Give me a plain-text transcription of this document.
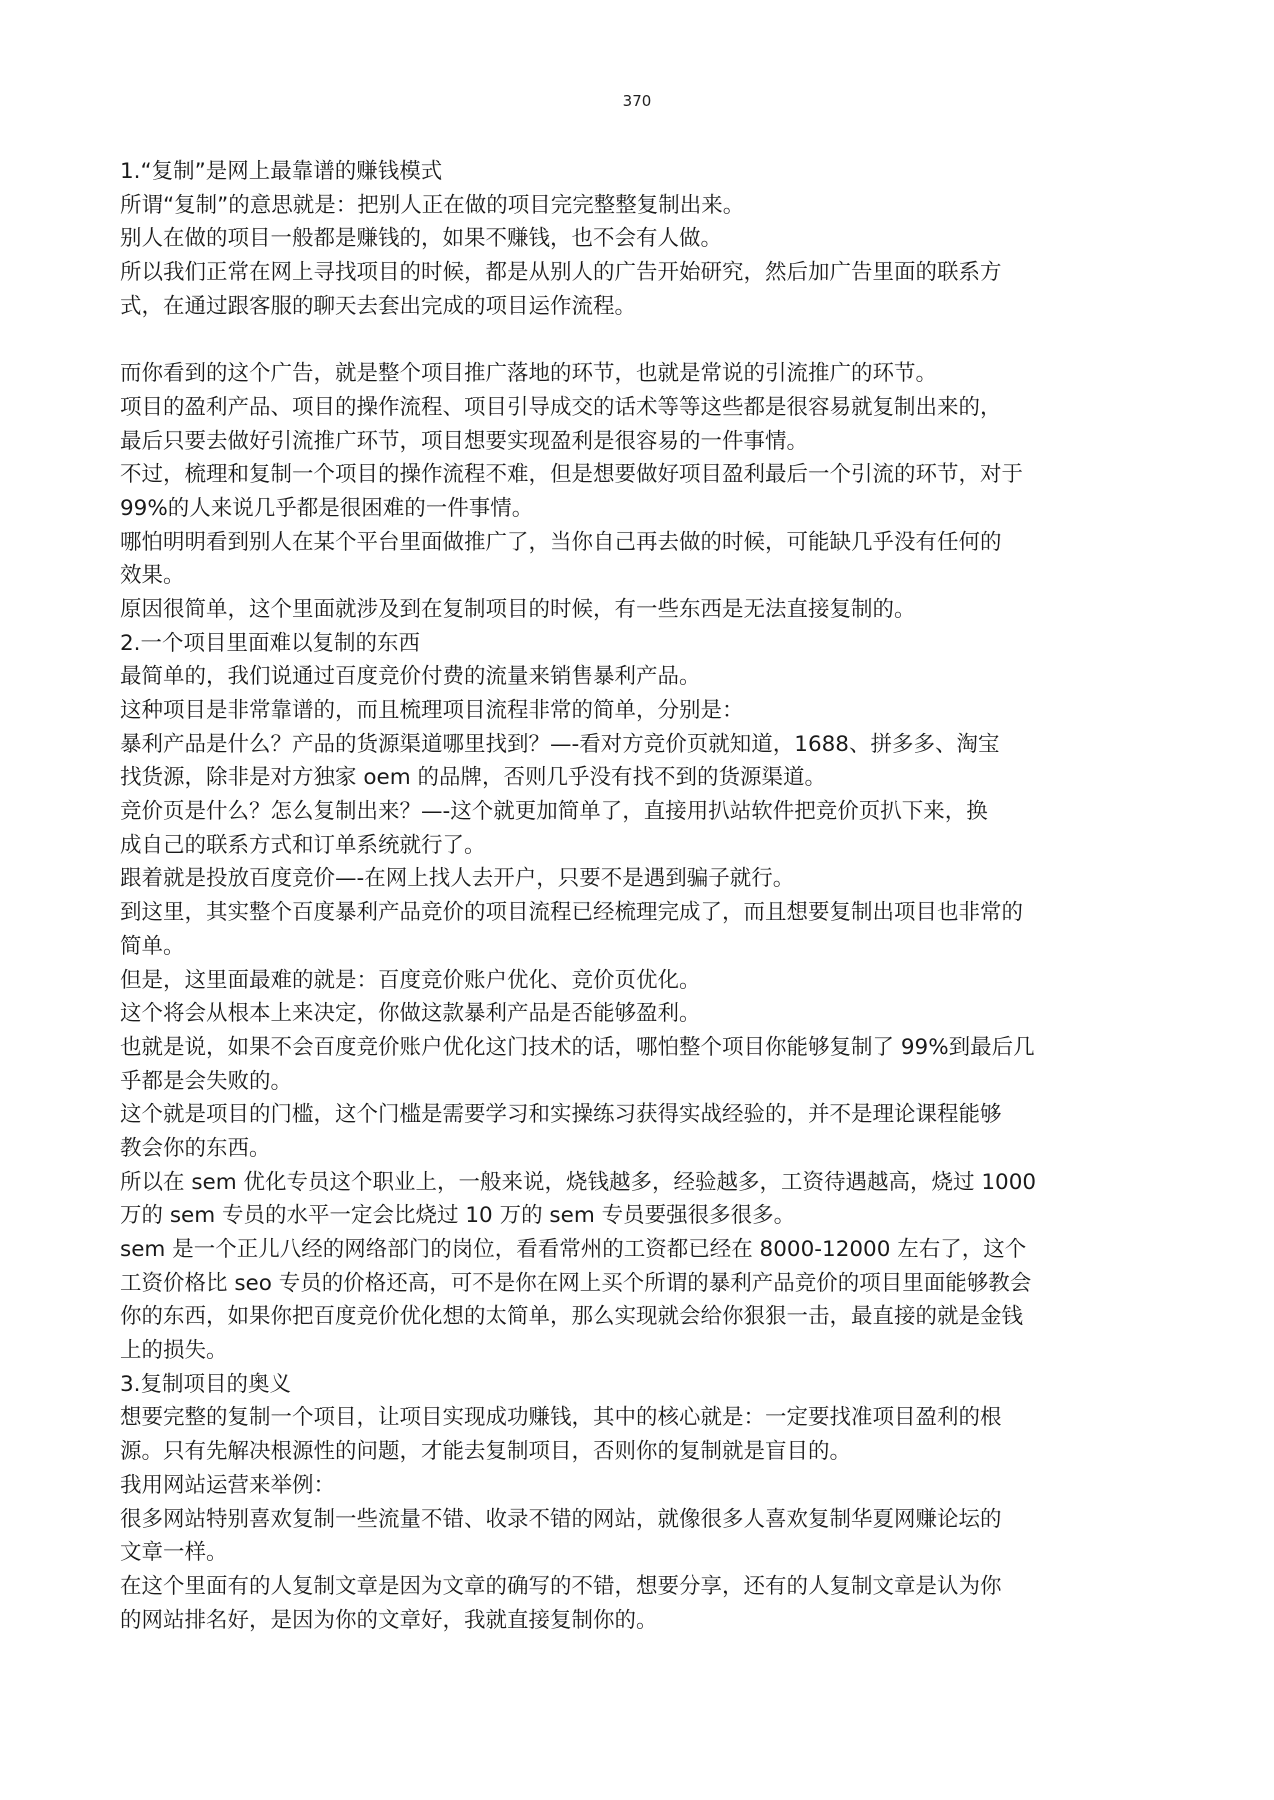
370
1.“复制”是网上最靠谱的赚钱模式
所谓“复制”的意思就是：把别人正在做的项目完完整整复制出来。
别人在做的项目一般都是赚钱的，如果不赚钱，也不会有人做。
所以我们正常在网上寻找项目的时候，都是从别人的广告开始研究，然后加广告里面的联系方
式，在通过跟客服的聊天去套出完成的项目运作流程。
而你看到的这个广告，就是整个项目推广落地的环节，也就是常说的引流推广的环节。
项目的盈利产品、项目的操作流程、项目引导成交的话术等等这些都是很容易就复制出来的，
最后只要去做好引流推广环节，项目想要实现盈利是很容易的一件事情。
不过，梳理和复制一个项目的操作流程不难，但是想要做好项目盈利最后一个引流的环节，对于
99%的人来说几乎都是很困难的一件事情。
哪怕明明看到别人在某个平台里面做推广了，当你自己再去做的时候，可能缺几乎没有任何的
效果。
原因很简单，这个里面就涉及到在复制项目的时候，有一些东西是无法直接复制的。
2.一个项目里面难以复制的东西
最简单的，我们说通过百度竞价付费的流量来销售暴利产品。
这种项目是非常靠谱的，而且梳理项目流程非常的简单，分别是：
暴利产品是什么？产品的货源渠道哪里找到？—-看对方竞价页就知道，1688、拼多多、淘宝
找货源，除非是对方独家 oem 的品牌，否则几乎没有找不到的货源渠道。
竞价页是什么？怎么复制出来？—-这个就更加简单了，直接用扒站软件把竞价页扒下来，换
成自己的联系方式和订单系统就行了。
跟着就是投放百度竞价—-在网上找人去开户，只要不是遇到骗子就行。
到这里，其实整个百度暴利产品竞价的项目流程已经梳理完成了，而且想要复制出项目也非常的
简单。
但是，这里面最难的就是：百度竞价账户优化、竞价页优化。
这个将会从根本上来决定，你做这款暴利产品是否能够盈利。
也就是说，如果不会百度竞价账户优化这门技术的话，哪怕整个项目你能够复制了 99%到最后几
乎都是会失败的。
这个就是项目的门槛，这个门槛是需要学习和实操练习获得实战经验的，并不是理论课程能够
教会你的东西。
所以在 sem 优化专员这个职业上，一般来说，烧钱越多，经验越多，工资待遇越高，烧过 1000
万的 sem 专员的水平一定会比烧过 10 万的 sem 专员要强很多很多。
sem 是一个正儿八经的网络部门的岗位，看看常州的工资都已经在 8000-12000 左右了，这个
工资价格比 seo 专员的价格还高，可不是你在网上买个所谓的暴利产品竞价的项目里面能够教会
你的东西，如果你把百度竞价优化想的太简单，那么实现就会给你狠狠一击，最直接的就是金钱
上的损失。
3.复制项目的奥义
想要完整的复制一个项目，让项目实现成功赚钱，其中的核心就是：一定要找准项目盈利的根
源。只有先解决根源性的问题，才能去复制项目，否则你的复制就是盲目的。
我用网站运营来举例：
很多网站特别喜欢复制一些流量不错、收录不错的网站，就像很多人喜欢复制华夏网赚论坛的
文章一样。
在这个里面有的人复制文章是因为文章的确写的不错，想要分享，还有的人复制文章是认为你
的网站排名好，是因为你的文章好，我就直接复制你的。
